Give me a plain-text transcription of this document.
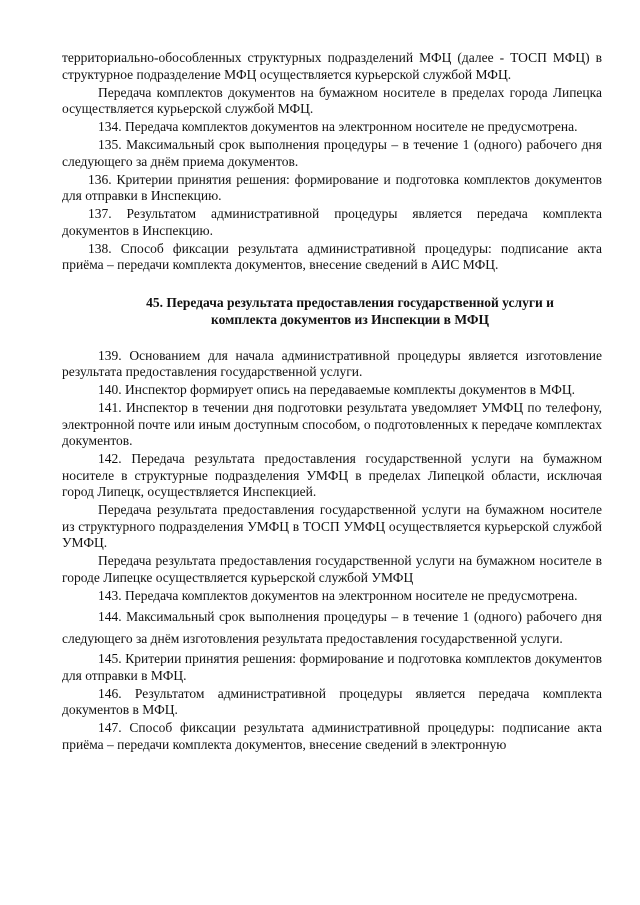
территориально-обособленных структурных подразделений МФЦ (далее - ТОСП МФЦ) в структурное подразделение МФЦ осуществляется курьерской службой МФЦ.

Передача комплектов документов на бумажном носителе в пределах города Липецка осуществляется курьерской службой МФЦ.

134. Передача комплектов документов на электронном носителе не предусмотрена.

135. Максимальный срок выполнения процедуры – в течение 1 (одного) рабочего дня следующего за днём приема документов.

136. Критерии принятия решения: формирование и подготовка комплектов документов для отправки в Инспекцию.

137. Результатом административной процедуры является передача комплекта документов в Инспекцию.

138. Способ фиксации результата административной процедуры: подписание акта приёма – передачи комплекта документов, внесение сведений в АИС МФЦ.

45. Передача результата предоставления государственной услуги и
комплекта документов из Инспекции в МФЦ

139. Основанием для начала административной процедуры является изготовление результата предоставления государственной услуги.

140. Инспектор формирует опись на передаваемые комплекты документов в МФЦ.

141. Инспектор в течении дня подготовки результата уведомляет УМФЦ по телефону, электронной почте или иным доступным способом, о подготовленных к передаче комплектах документов.

142. Передача результата предоставления государственной услуги на бумажном носителе в структурные подразделения УМФЦ в пределах Липецкой области, исключая город Липецк, осуществляется Инспекцией.

Передача результата предоставления государственной услуги на бумажном носителе из структурного подразделения УМФЦ в ТОСП УМФЦ осуществляется курьерской службой УМФЦ.

Передача результата предоставления государственной услуги на бумажном носителе в городе Липецке осуществляется курьерской службой УМФЦ

143. Передача комплектов документов на электронном носителе не предусмотрена.

144. Максимальный срок выполнения процедуры – в течение 1 (одного) рабочего дня следующего за днём изготовления результата предоставления государственной услуги.

145. Критерии принятия решения: формирование и подготовка комплектов документов для отправки в МФЦ.

146. Результатом административной процедуры является передача комплекта документов в МФЦ.

147. Способ фиксации результата административной процедуры: подписание акта приёма – передачи комплекта документов, внесение сведений в электронную
